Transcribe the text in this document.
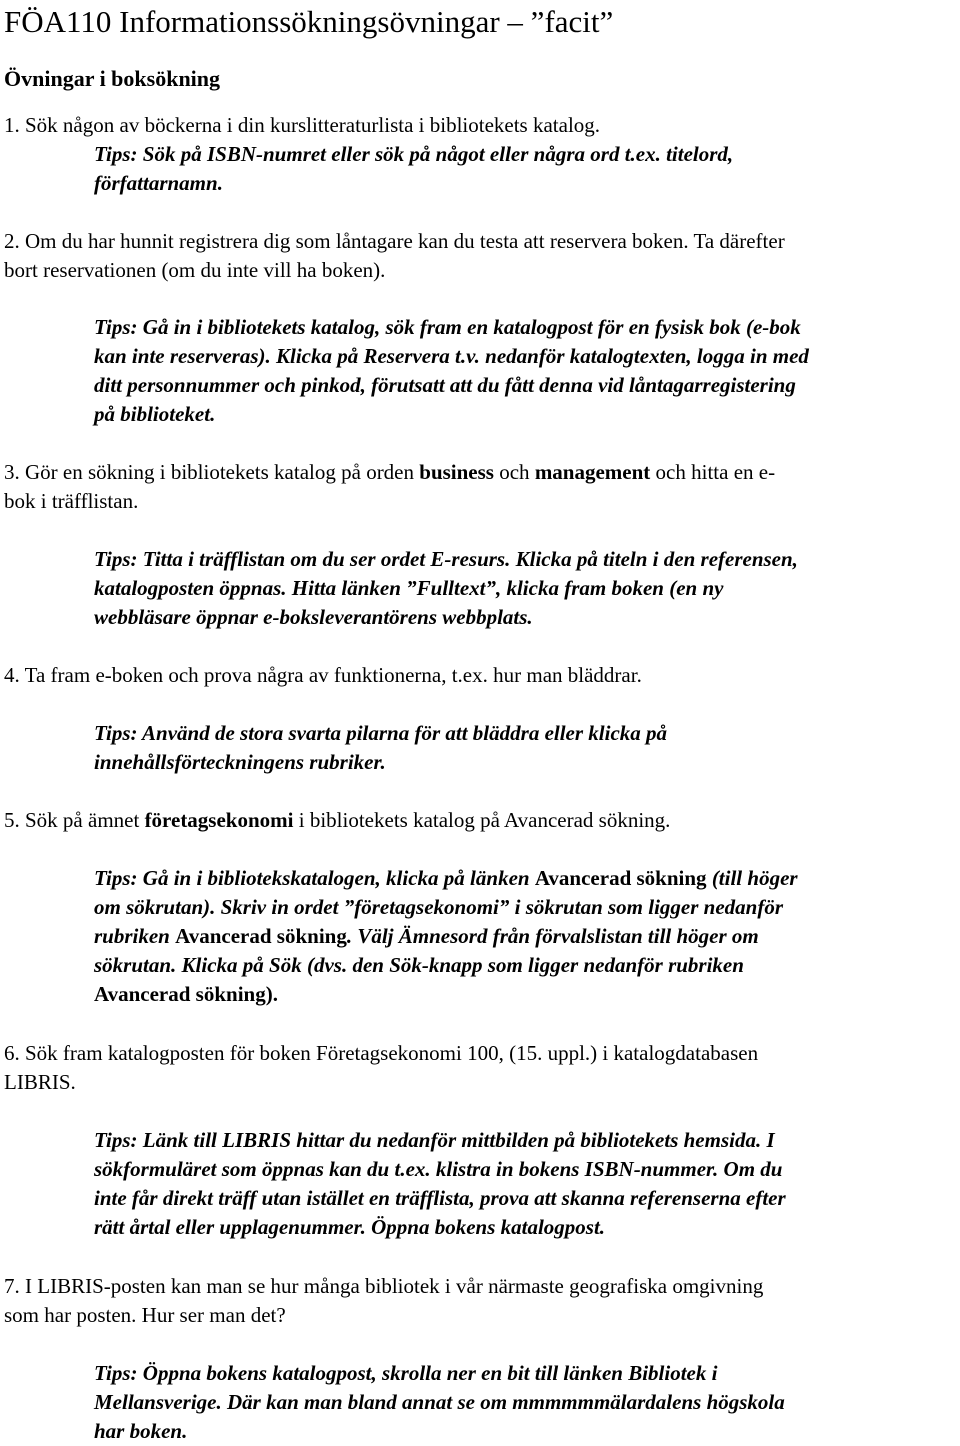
FÖA110 Informationssökningsövningar – ”facit”
Övningar i boksökning

1. Sök någon av böckerna i din kurslitteraturlista i bibliotekets katalog.

Tips: Sök på ISBN-numret eller sök på något eller några ord t.ex. titelord,

författarnamn.

2. Om du har hunnit registrera dig som låntagare kan du testa att reservera boken. Ta därefter

bort reservationen (om du inte vill ha boken).

Tips: Gå in i bibliotekets katalog, sök fram en katalogpost för en fysisk bok (e-bok

kan inte reserveras). Klicka på Reservera t.v. nedanför katalogtexten, logga in med

ditt personnummer och pinkod, förutsatt att du fått denna vid låntagarregistering

på biblioteket.

3. Gör en sökning i bibliotekets katalog på orden business och management och hitta en e-

bok i träfflistan.

Tips: Titta i träfflistan om du ser ordet E-resurs. Klicka på titeln i den referensen,

katalogposten öppnas. Hitta länken ”Fulltext”, klicka fram boken (en ny

webbläsare öppnar e-boksleverantörens webbplats.

4. Ta fram e-boken och prova några av funktionerna, t.ex. hur man bläddrar.

Tips: Använd de stora svarta pilarna för att bläddra eller klicka på

innehållsförteckningens rubriker.

5. Sök på ämnet företagsekonomi i bibliotekets katalog på Avancerad sökning.

Tips: Gå in i bibliotekskatalogen, klicka på länken Avancerad sökning (till höger

om sökrutan). Skriv in ordet ”företagsekonomi” i sökrutan som ligger nedanför

rubriken Avancerad sökning. Välj Ämnesord från förvalslistan till höger om

sökrutan. Klicka på Sök (dvs. den Sök-knapp som ligger nedanför rubriken

Avancerad sökning).

6. Sök fram katalogposten för boken Företagsekonomi 100, (15. uppl.) i katalogdatabasen

LIBRIS.

Tips: Länk till LIBRIS hittar du nedanför mittbilden på bibliotekets hemsida. I

sökformuläret som öppnas kan du t.ex. klistra in bokens ISBN-nummer. Om du

inte får direkt träff utan istället en träfflista, prova att skanna referenserna efter

rätt årtal eller upplagenummer. Öppna bokens katalogpost.

7. I LIBRIS-posten kan man se hur många bibliotek i vår närmaste geografiska omgivning

som har posten. Hur ser man det?

Tips: Öppna bokens katalogpost, skrolla ner en bit till länken Bibliotek i

Mellansverige. Där kan man bland annat se om mmmmmmälardalens högskola

har boken.
